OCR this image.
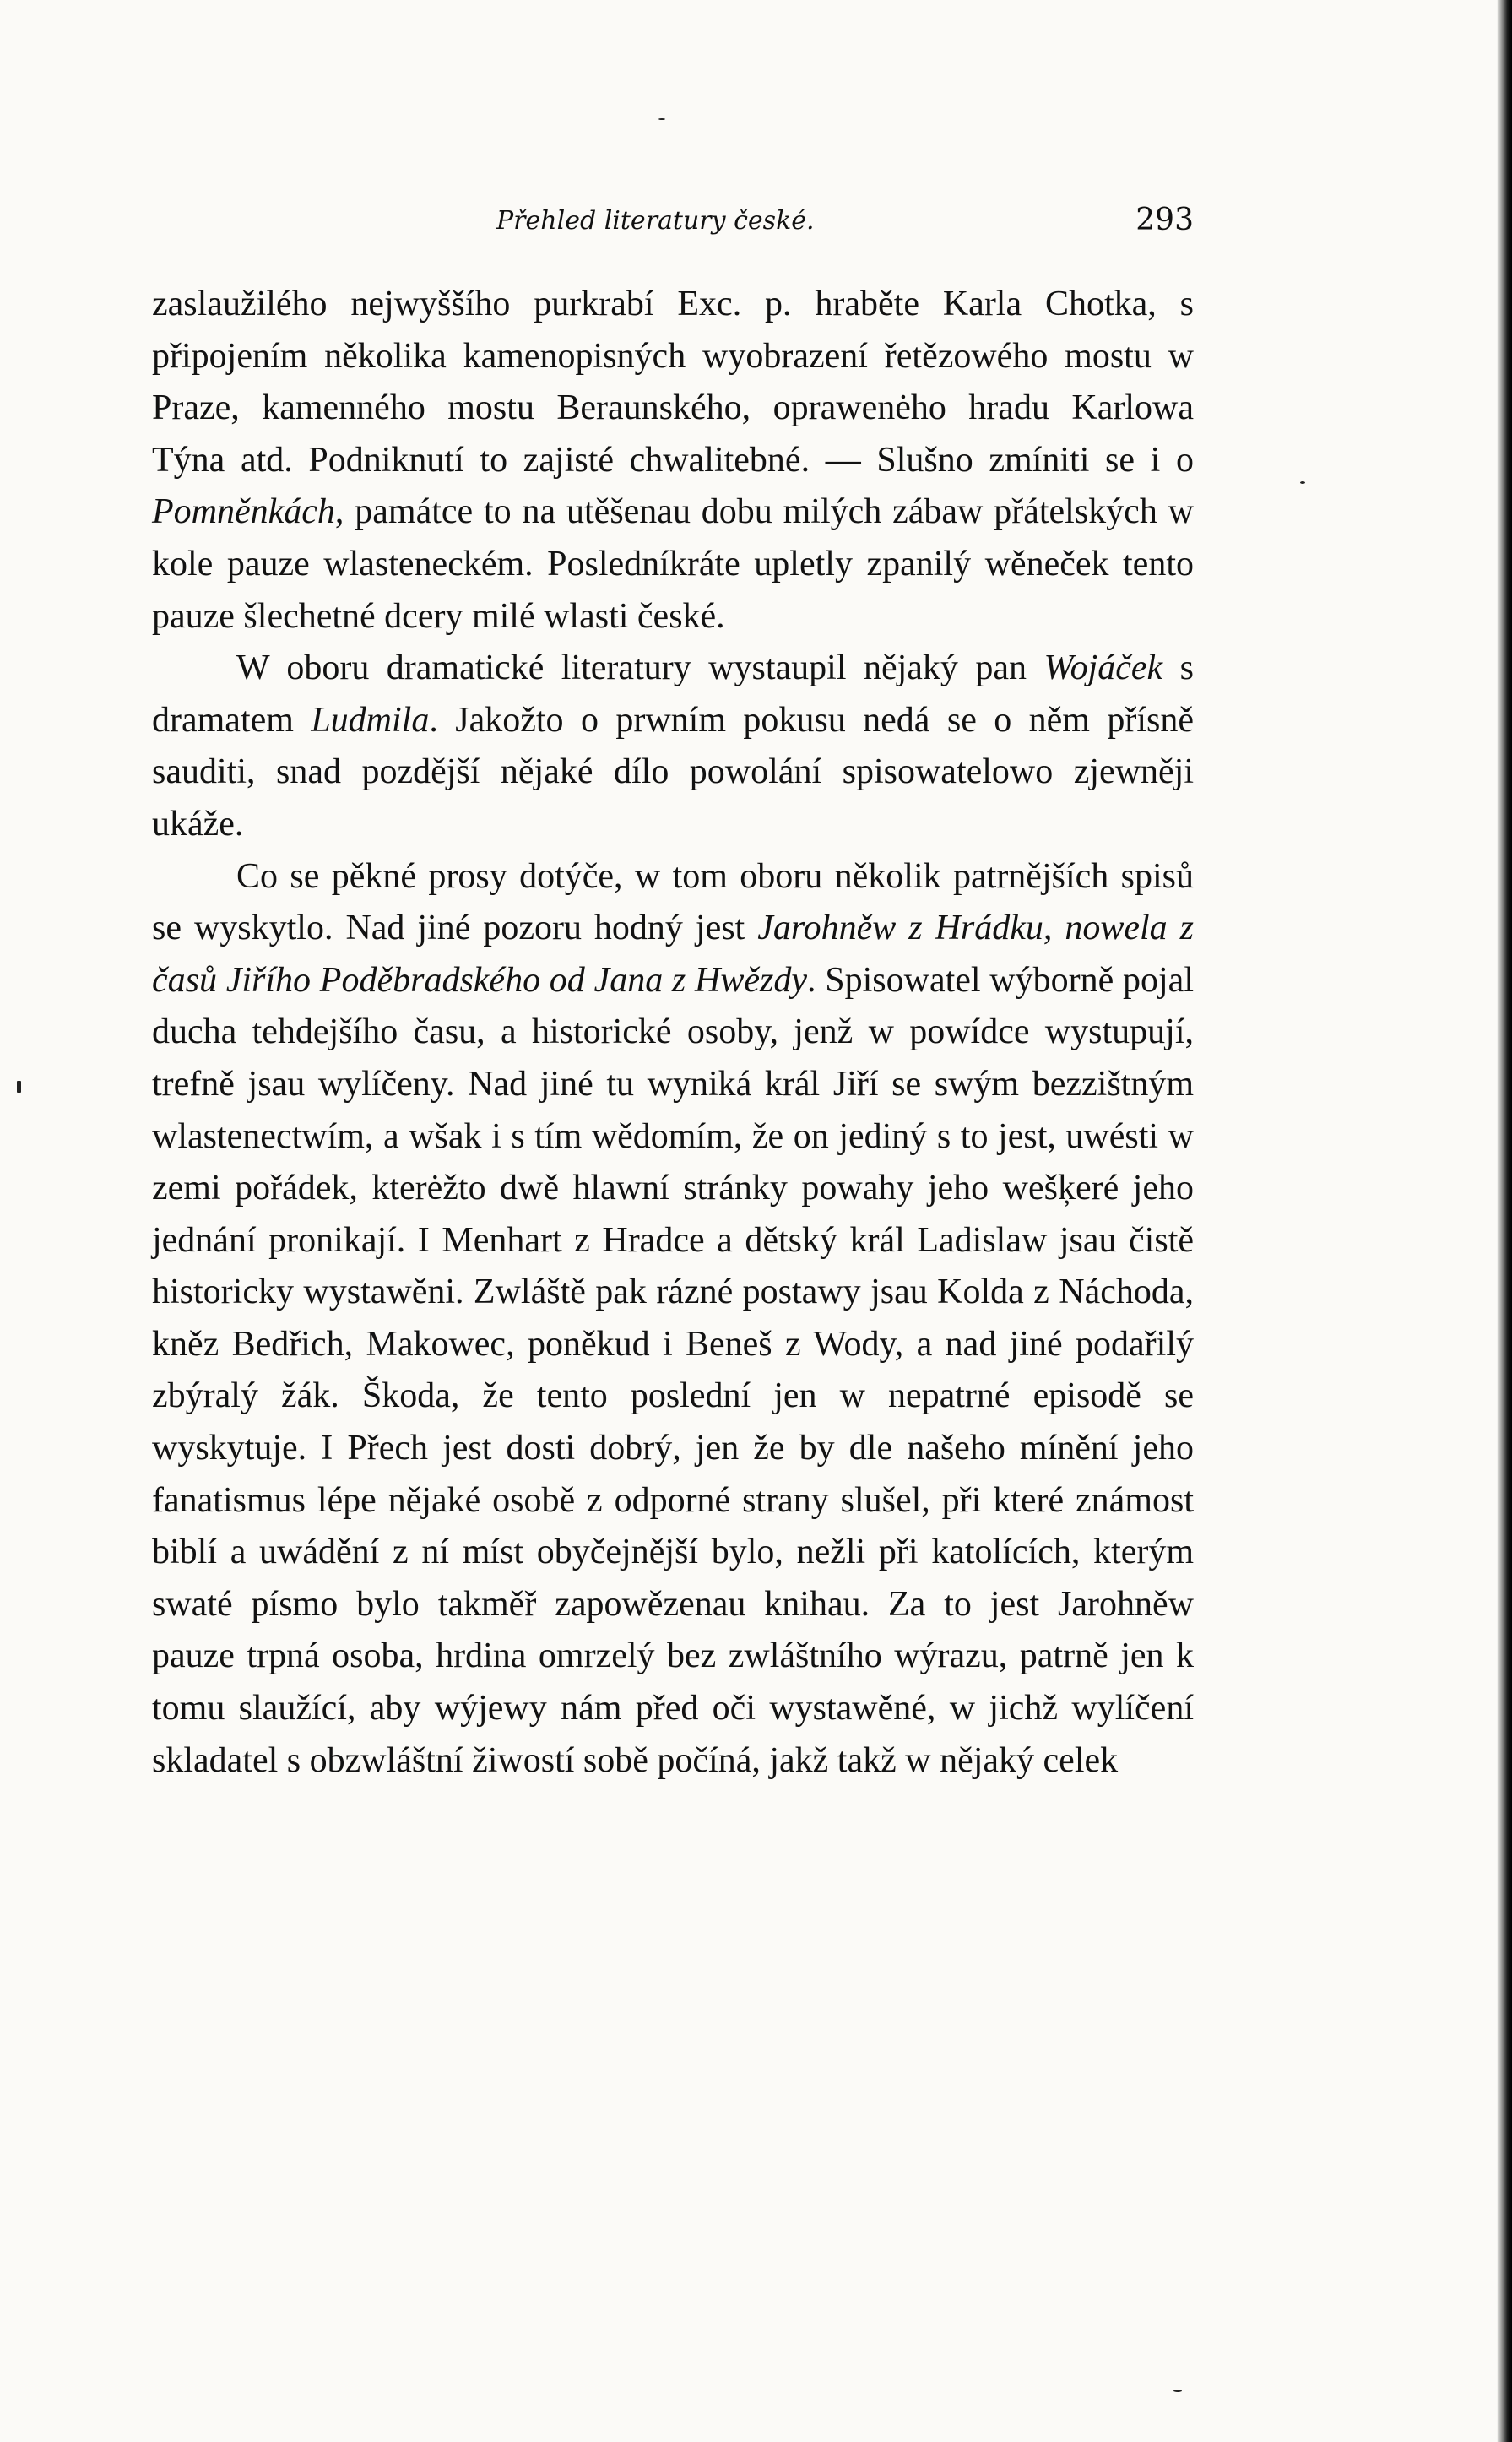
Přehled literatury české.	293

zaslaužilého nejwyššího purkrabí Exc. p. hraběte Karla Chotka, s připojením několika kamenopisných wyobrazení řetězowého mostu w Praze, kamenného mostu Beraunského, oprawenėho hradu Karlowa Týna atd. Podniknutí to zajisté chwalitebné. — Slušno zmíniti se i o Pomněnkách, památce to na utěšenau dobu milých zábaw přátelských w kole pauze wlasteneckém. Posledníkráte upletly zpanilý wěneček tento pauze šlechetné dcery milé wlasti české.

W oboru dramatické literatury wystaupil nějaký pan Wojáček s dramatem Ludmila. Jakožto o prwním pokusu nedá se o něm přísně sauditi, snad pozdější nějaké dílo powolání spisowatelowo zjewněji ukáže.

Co se pěkné prosy dotýče, w tom oboru několik patrnějších spisů se wyskytlo. Nad jiné pozoru hodný jest Jarohněw z Hrádku, nowela z časů Jiřího Poděbradského od Jana z Hwězdy. Spisowatel wýborně pojal ducha tehdejšího času, a historické osoby, jenž w powídce wystupují, trefně jsau wylíčeny. Nad jiné tu wyniká král Jiří se swým bezzištným wlastenectwím, a wšak i s tím wědomím, že on jediný s to jest, uwésti w zemi pořádek, kterėžto dwě hlawní stránky powahy jeho wešķeré jeho jednání pronikají. I Menhart z Hradce a dětský král Ladislaw jsau čistě historicky wystawěni. Zwláště pak rázné postawy jsau Kolda z Náchoda, kněz Bedřich, Makowec, poněkud i Beneš z Wody, a nad jiné podařilý zbýralý žák. Škoda, že tento poslední jen w nepatrné episodě se wyskytuje. I Přech jest dosti dobrý, jen že by dle našeho mínění jeho fanatismus lépe nějaké osobě z odporné strany slušel, při které známost biblí a uwádění z ní míst obyčejnější bylo, nežli při katolících, kterým swaté písmo bylo takměř zapowězenau knihau. Za to jest Jarohněw pauze trpná osoba, hrdina omrzelý bez zwláštního wýrazu, patrně jen k tomu slaužící, aby wýjewy nám před oči wystawěné, w jichž wylíčení skladatel s obzwláštní žiwostí sobě počíná, jakž takž w nějaký celek
